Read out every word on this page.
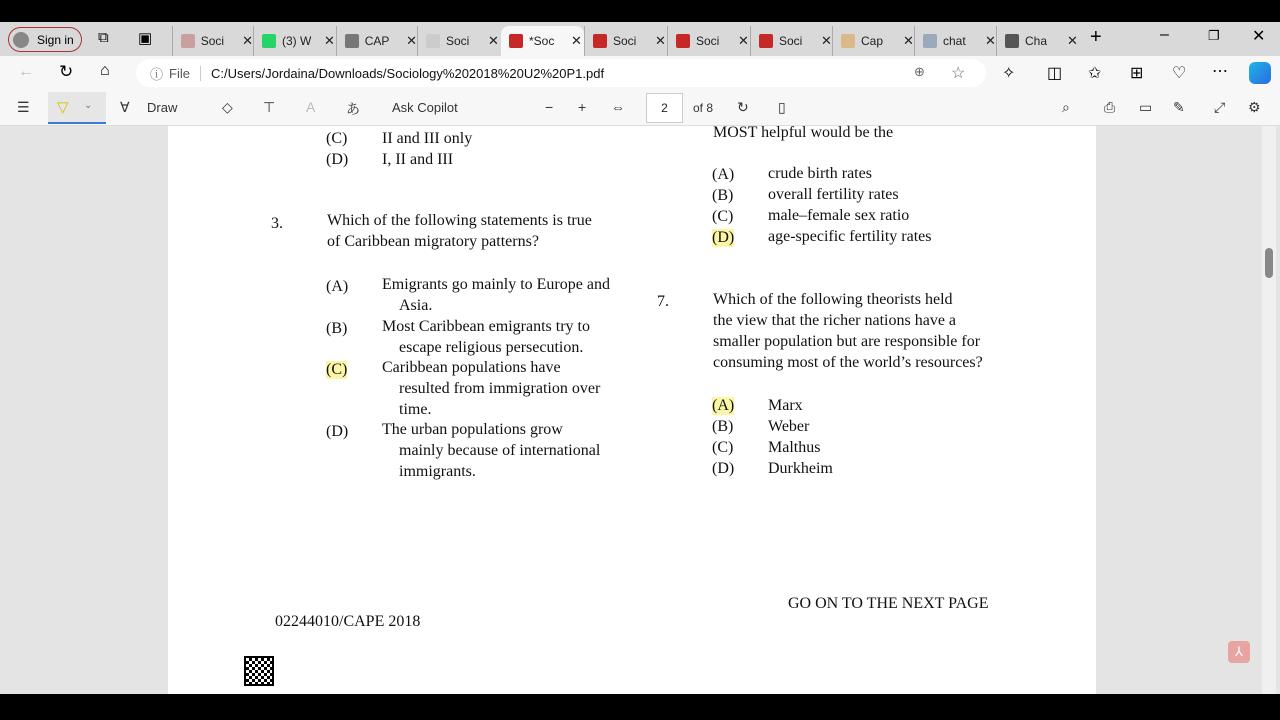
Sign in ⧉ ▣	Soci	✕ (3) W ✕ CAP	✕ Soci	✕	*Soc	✕	Soci	✕	Soci	✕	Soci	✕ Cap	✕ chat	✕ Cha	✕ +	–	❐ ✕
← ↻ ⌂	ⓘ File	C:/Users/Jordaina/Downloads/Sociology%202018%20U2%20P1.pdf	⊕ ☆ ✧ ◫ ✩ ⊞ ♡ ⋯
☰ ▽ ⌄ ∀ Draw	◇ ⊤ A あ Ask Copilot	− + ⇔	2	of 8 ↻ ▯	⌕ ⎙ ▭ ✎ ⤢ ⚙
(C) II and III only
(D) I, II and III
3.	Which of the following statements is true
of Caribbean migratory patterns?
(A) Emigrants go mainly to Europe and
Asia.
(B) Most Caribbean emigrants try to
escape religious persecution.
(C) Caribbean populations have
resulted from immigration over
time.
(D) The urban populations grow
mainly because of international
immigrants.
MOST helpful would be the
(A) crude birth rates
(B) overall fertility rates
(C) male–female sex ratio
(D) age-specific fertility rates
7.	Which of the following theorists held
the view that the richer nations have a
smaller population but are responsible for
consuming most of the world’s resources?
(A) Marx
(B) Weber
(C) Malthus
(D) Durkheim
02244010/CAPE 2018
GO ON TO THE NEXT PAGE
⅄
